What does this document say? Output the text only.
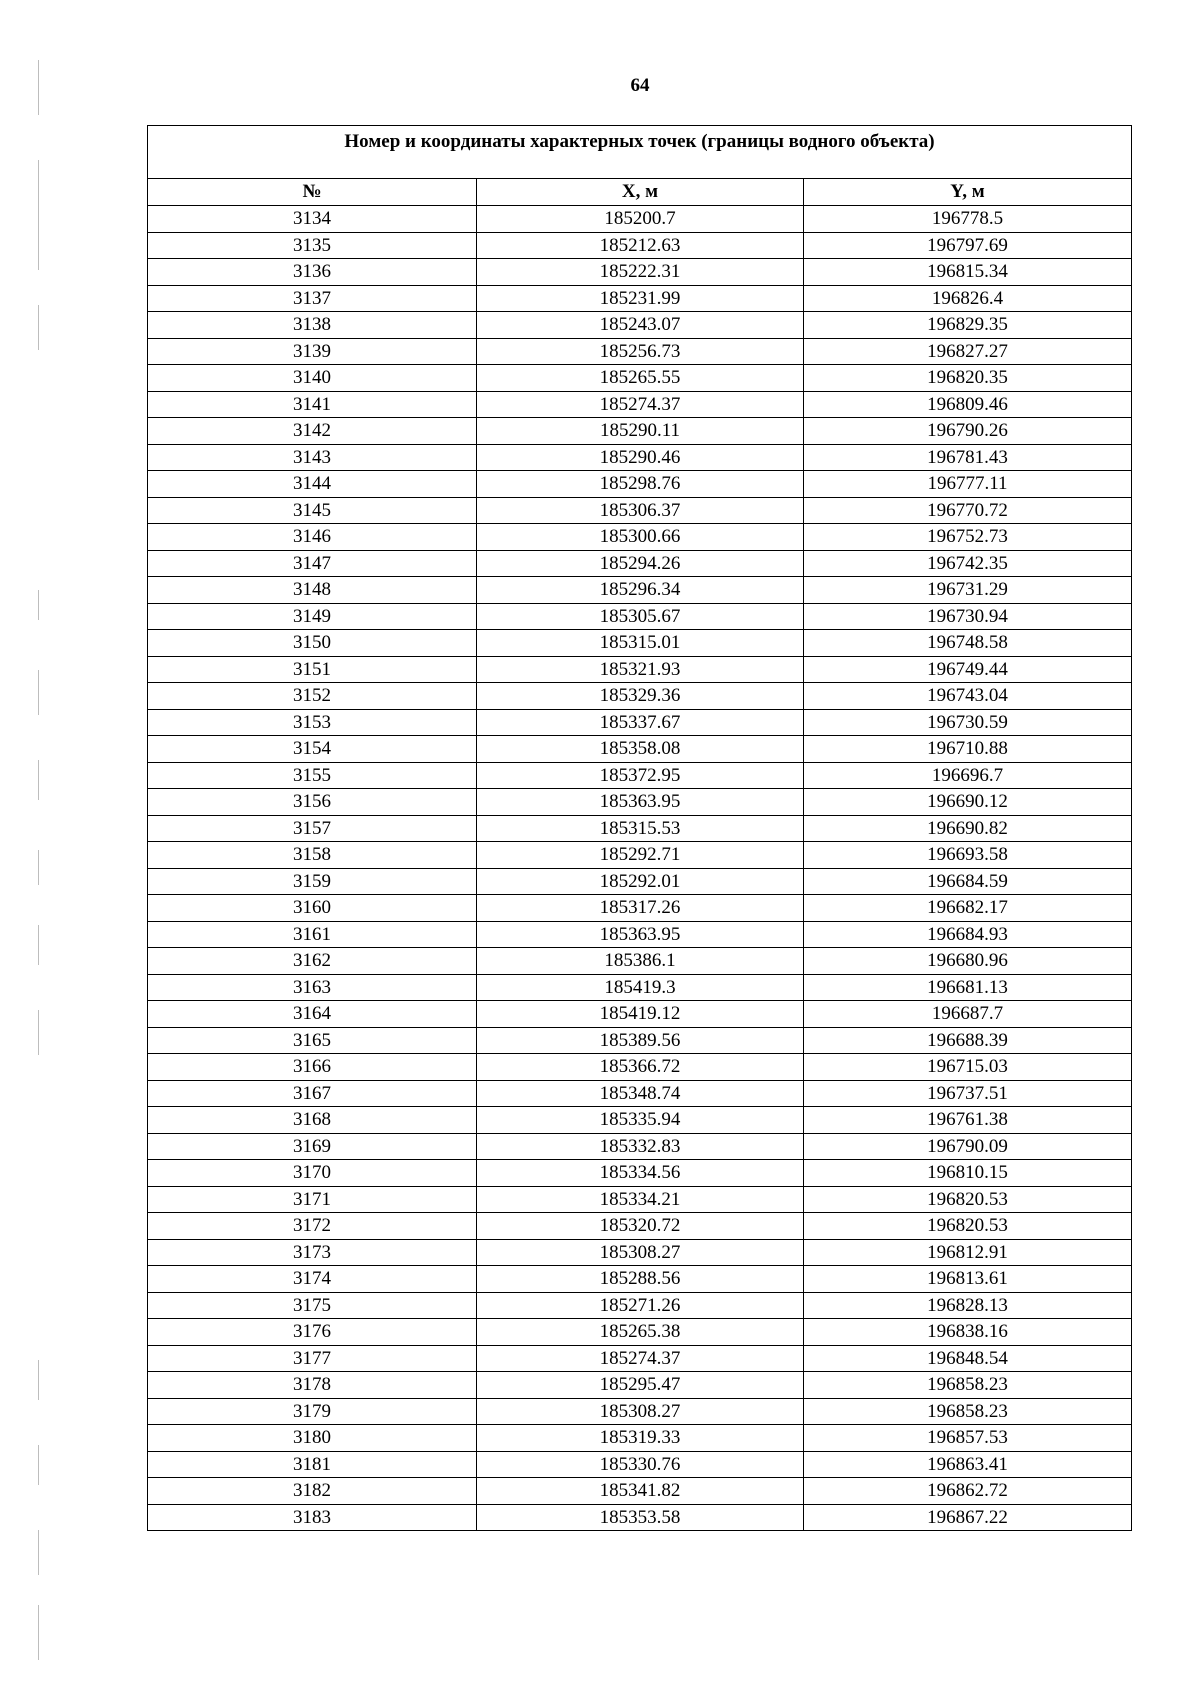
64
Номер и координаты характерных точек (границы водного объекта)		
№	X, м	Y, м
3134	185200.7	196778.5
3135	185212.63	196797.69
3136	185222.31	196815.34
3137	185231.99	196826.4
3138	185243.07	196829.35
3139	185256.73	196827.27
3140	185265.55	196820.35
3141	185274.37	196809.46
3142	185290.11	196790.26
3143	185290.46	196781.43
3144	185298.76	196777.11
3145	185306.37	196770.72
3146	185300.66	196752.73
3147	185294.26	196742.35
3148	185296.34	196731.29
3149	185305.67	196730.94
3150	185315.01	196748.58
3151	185321.93	196749.44
3152	185329.36	196743.04
3153	185337.67	196730.59
3154	185358.08	196710.88
3155	185372.95	196696.7
3156	185363.95	196690.12
3157	185315.53	196690.82
3158	185292.71	196693.58
3159	185292.01	196684.59
3160	185317.26	196682.17
3161	185363.95	196684.93
3162	185386.1	196680.96
3163	185419.3	196681.13
3164	185419.12	196687.7
3165	185389.56	196688.39
3166	185366.72	196715.03
3167	185348.74	196737.51
3168	185335.94	196761.38
3169	185332.83	196790.09
3170	185334.56	196810.15
3171	185334.21	196820.53
3172	185320.72	196820.53
3173	185308.27	196812.91
3174	185288.56	196813.61
3175	185271.26	196828.13
3176	185265.38	196838.16
3177	185274.37	196848.54
3178	185295.47	196858.23
3179	185308.27	196858.23
3180	185319.33	196857.53
3181	185330.76	196863.41
3182	185341.82	196862.72
3183	185353.58	196867.22
